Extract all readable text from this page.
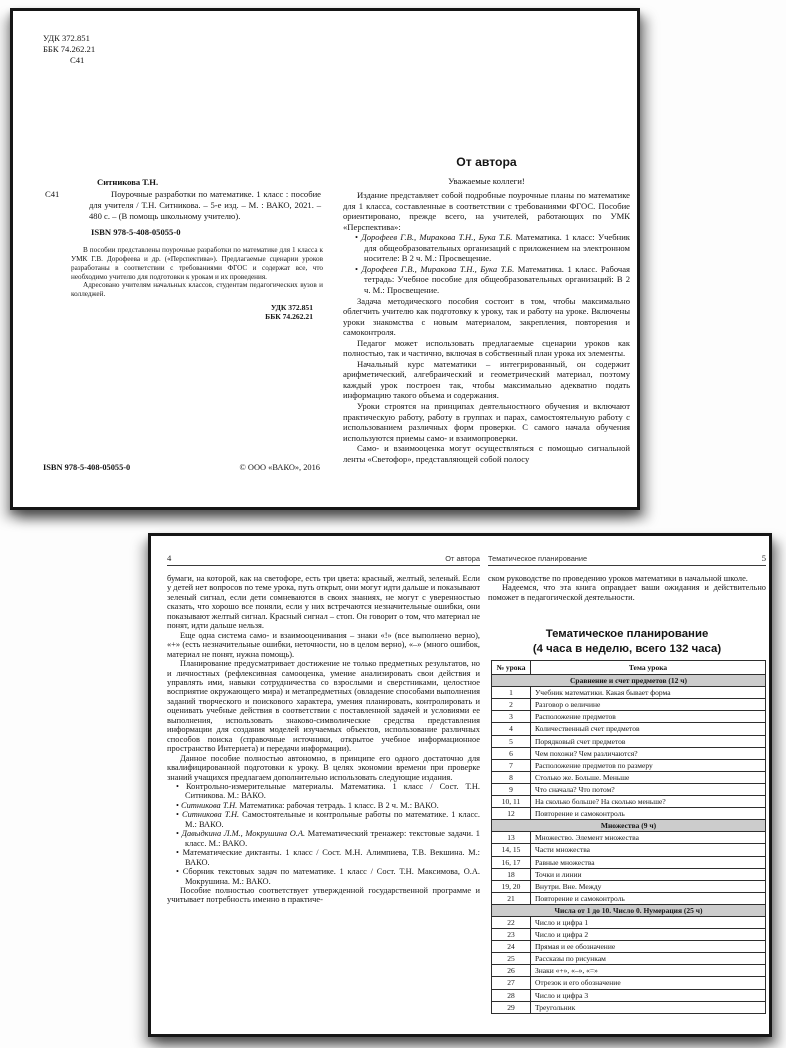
УДК 372.851
ББК 74.262.21
С41
Ситникова Т.Н.
С41	Поурочные разработки по математике. 1 класс : пособие для учителя / Т.Н. Ситникова. – 5-е изд. – М. : ВАКО, 2021. – 480 с. – (В помощь школьному учителю).

ISBN 978-5-408-05055-0

В пособии представлены поурочные разработки по математике для 1 класса к УМК Г.В. Дорофеева и др. («Перспектива»). Предлагаемые сценарии уроков разработаны в соответствии с требованиями ФГОС и содержат все, что необходимо учителю для подготовки к урокам и их проведения.

Адресовано учителям начальных классов, студентам педагогических вузов и колледжей.

УДК 372.851
ББК 74.262.21
ISBN 978-5-408-05055-0	© ООО «ВАКО», 2016
От автора

Уважаемые коллеги!

Издание представляет собой подробные поурочные планы по математике для 1 класса, составленные в соответствии с требованиями ФГОС. Пособие ориентировано, прежде всего, на учителей, работающих по УМК «Перспектива»:

• Дорофеев Г.В., Миракова Т.Н., Бука Т.Б. Математика. 1 класс: Учебник для общеобразовательных организаций с приложением на электронном носителе: В 2 ч. М.: Просвещение.

• Дорофеев Г.В., Миракова Т.Н., Бука Т.Б. Математика. 1 класс. Рабочая тетрадь: Учебное пособие для общеобразовательных организаций: В 2 ч. М.: Просвещение.

Задача методического пособия состоит в том, чтобы максимально облегчить учителю как подготовку к уроку, так и работу на уроке. Включены уроки знакомства с новым материалом, закрепления, повторения и самоконтроля.

Педагог может использовать предлагаемые сценарии уроков как полностью, так и частично, включая в собственный план урока их элементы.

Начальный курс математики – интегрированный, он содержит арифметический, алгебраический и геометрический материал, поэтому каждый урок построен так, чтобы максимально адекватно подать информацию такого объема и содержания.

Уроки строятся на принципах деятельностного обучения и включают практическую работу, работу в группах и парах, самостоятельную работу с использованием различных форм проверки. С самого начала обучения используются приемы само- и взаимопроверки.

Само- и взаимооценка могут осуществляться с помощью сигнальной ленты «Светофор», представляющей собой полосу

4	От автора

бумаги, на которой, как на светофоре, есть три цвета: красный, желтый, зеленый. Если у детей нет вопросов по теме урока, путь открыт, они могут идти дальше и показывают зеленый сигнал, если дети сомневаются в своих знаниях, не могут с уверенностью сказать, что хорошо все поняли, если у них встречаются незначительные ошибки, они показывают желтый сигнал. Красный сигнал – стоп. Он говорит о том, что материал не понят, идти дальше нельзя.

Еще одна система само- и взаимооценивания – знаки «!» (все выполнено верно), «+» (есть незначительные ошибки, неточности, но в целом верно), «–» (много ошибок, материал не понят, нужна помощь).

Планирование предусматривает достижение не только предметных результатов, но и личностных (рефлексивная самооценка, умение анализировать свои действия и управлять ими, навыки сотрудничества со взрослыми и сверстниками, целостное восприятие окружающего мира) и метапредметных (овладение способами выполнения заданий творческого и поискового характера, умения планировать, контролировать и оценивать учебные действия в соответствии с поставленной задачей и условиями ее выполнения, использовать знаково-символические средства представления информации для создания моделей изучаемых объектов, использование различных способов поиска (справочные источники, открытое учебное информационное пространство Интернета) и передачи информации).

Данное пособие полностью автономно, в принципе его одного достаточно для квалифицированной подготовки к уроку. В целях экономии времени при проверке знаний учащихся предлагаем дополнительно использовать следующие издания.

• Контрольно-измерительные материалы. Математика. 1 класс / Сост. Т.Н. Ситникова. М.: ВАКО.

• Ситникова Т.Н. Математика: рабочая тетрадь. 1 класс. В 2 ч. М.: ВАКО.

• Ситникова Т.Н. Самостоятельные и контрольные работы по математике. 1 класс. М.: ВАКО.

• Давыдкина Л.М., Мокрушина О.А. Математический тренажер: текстовые задачи. 1 класс. М.: ВАКО.

• Математические диктанты. 1 класс / Сост. М.Н. Алимпиева, Т.В. Векшина. М.: ВАКО.

• Сборник текстовых задач по математике. 1 класс / Сост. Т.Н. Максимова, О.А. Мокрушина. М.: ВАКО.

Пособие полностью соответствует утвержденной государственной программе и учитывает потребность именно в практиче-

Тематическое планирование	5

ском руководстве по проведению уроков математики в начальной школе.

Надеемся, что эта книга оправдает ваши ожидания и действительно поможет в педагогической деятельности.

Тематическое планирование
(4 часа в неделю, всего 132 часа)
№ урока	Тема урока
Сравнение и счет предметов (12 ч)	
1	Учебник математики. Какая бывает форма
2	Разговор о величине
3	Расположение предметов
4	Количественный счет предметов
5	Порядковый счет предметов
6	Чем похожи? Чем различаются?
7	Расположение предметов по размеру
8	Столько же. Больше. Меньше
9	Что сначала? Что потом?
10, 11	На сколько больше? На сколько меньше?
12	Повторение и самоконтроль
Множества (9 ч)	
13	Множество. Элемент множества
14, 15	Части множества
16, 17	Равные множества
18	Точки и линии
19, 20	Внутри. Вне. Между
21	Повторение и самоконтроль
Числа от 1 до 10. Число 0. Нумерация (25 ч)	
22	Число и цифра 1
23	Число и цифра 2
24	Прямая и ее обозначение
25	Рассказы по рисункам
26	Знаки «+», «–», «=»
27	Отрезок и его обозначение
28	Число и цифра 3
29	Треугольник
